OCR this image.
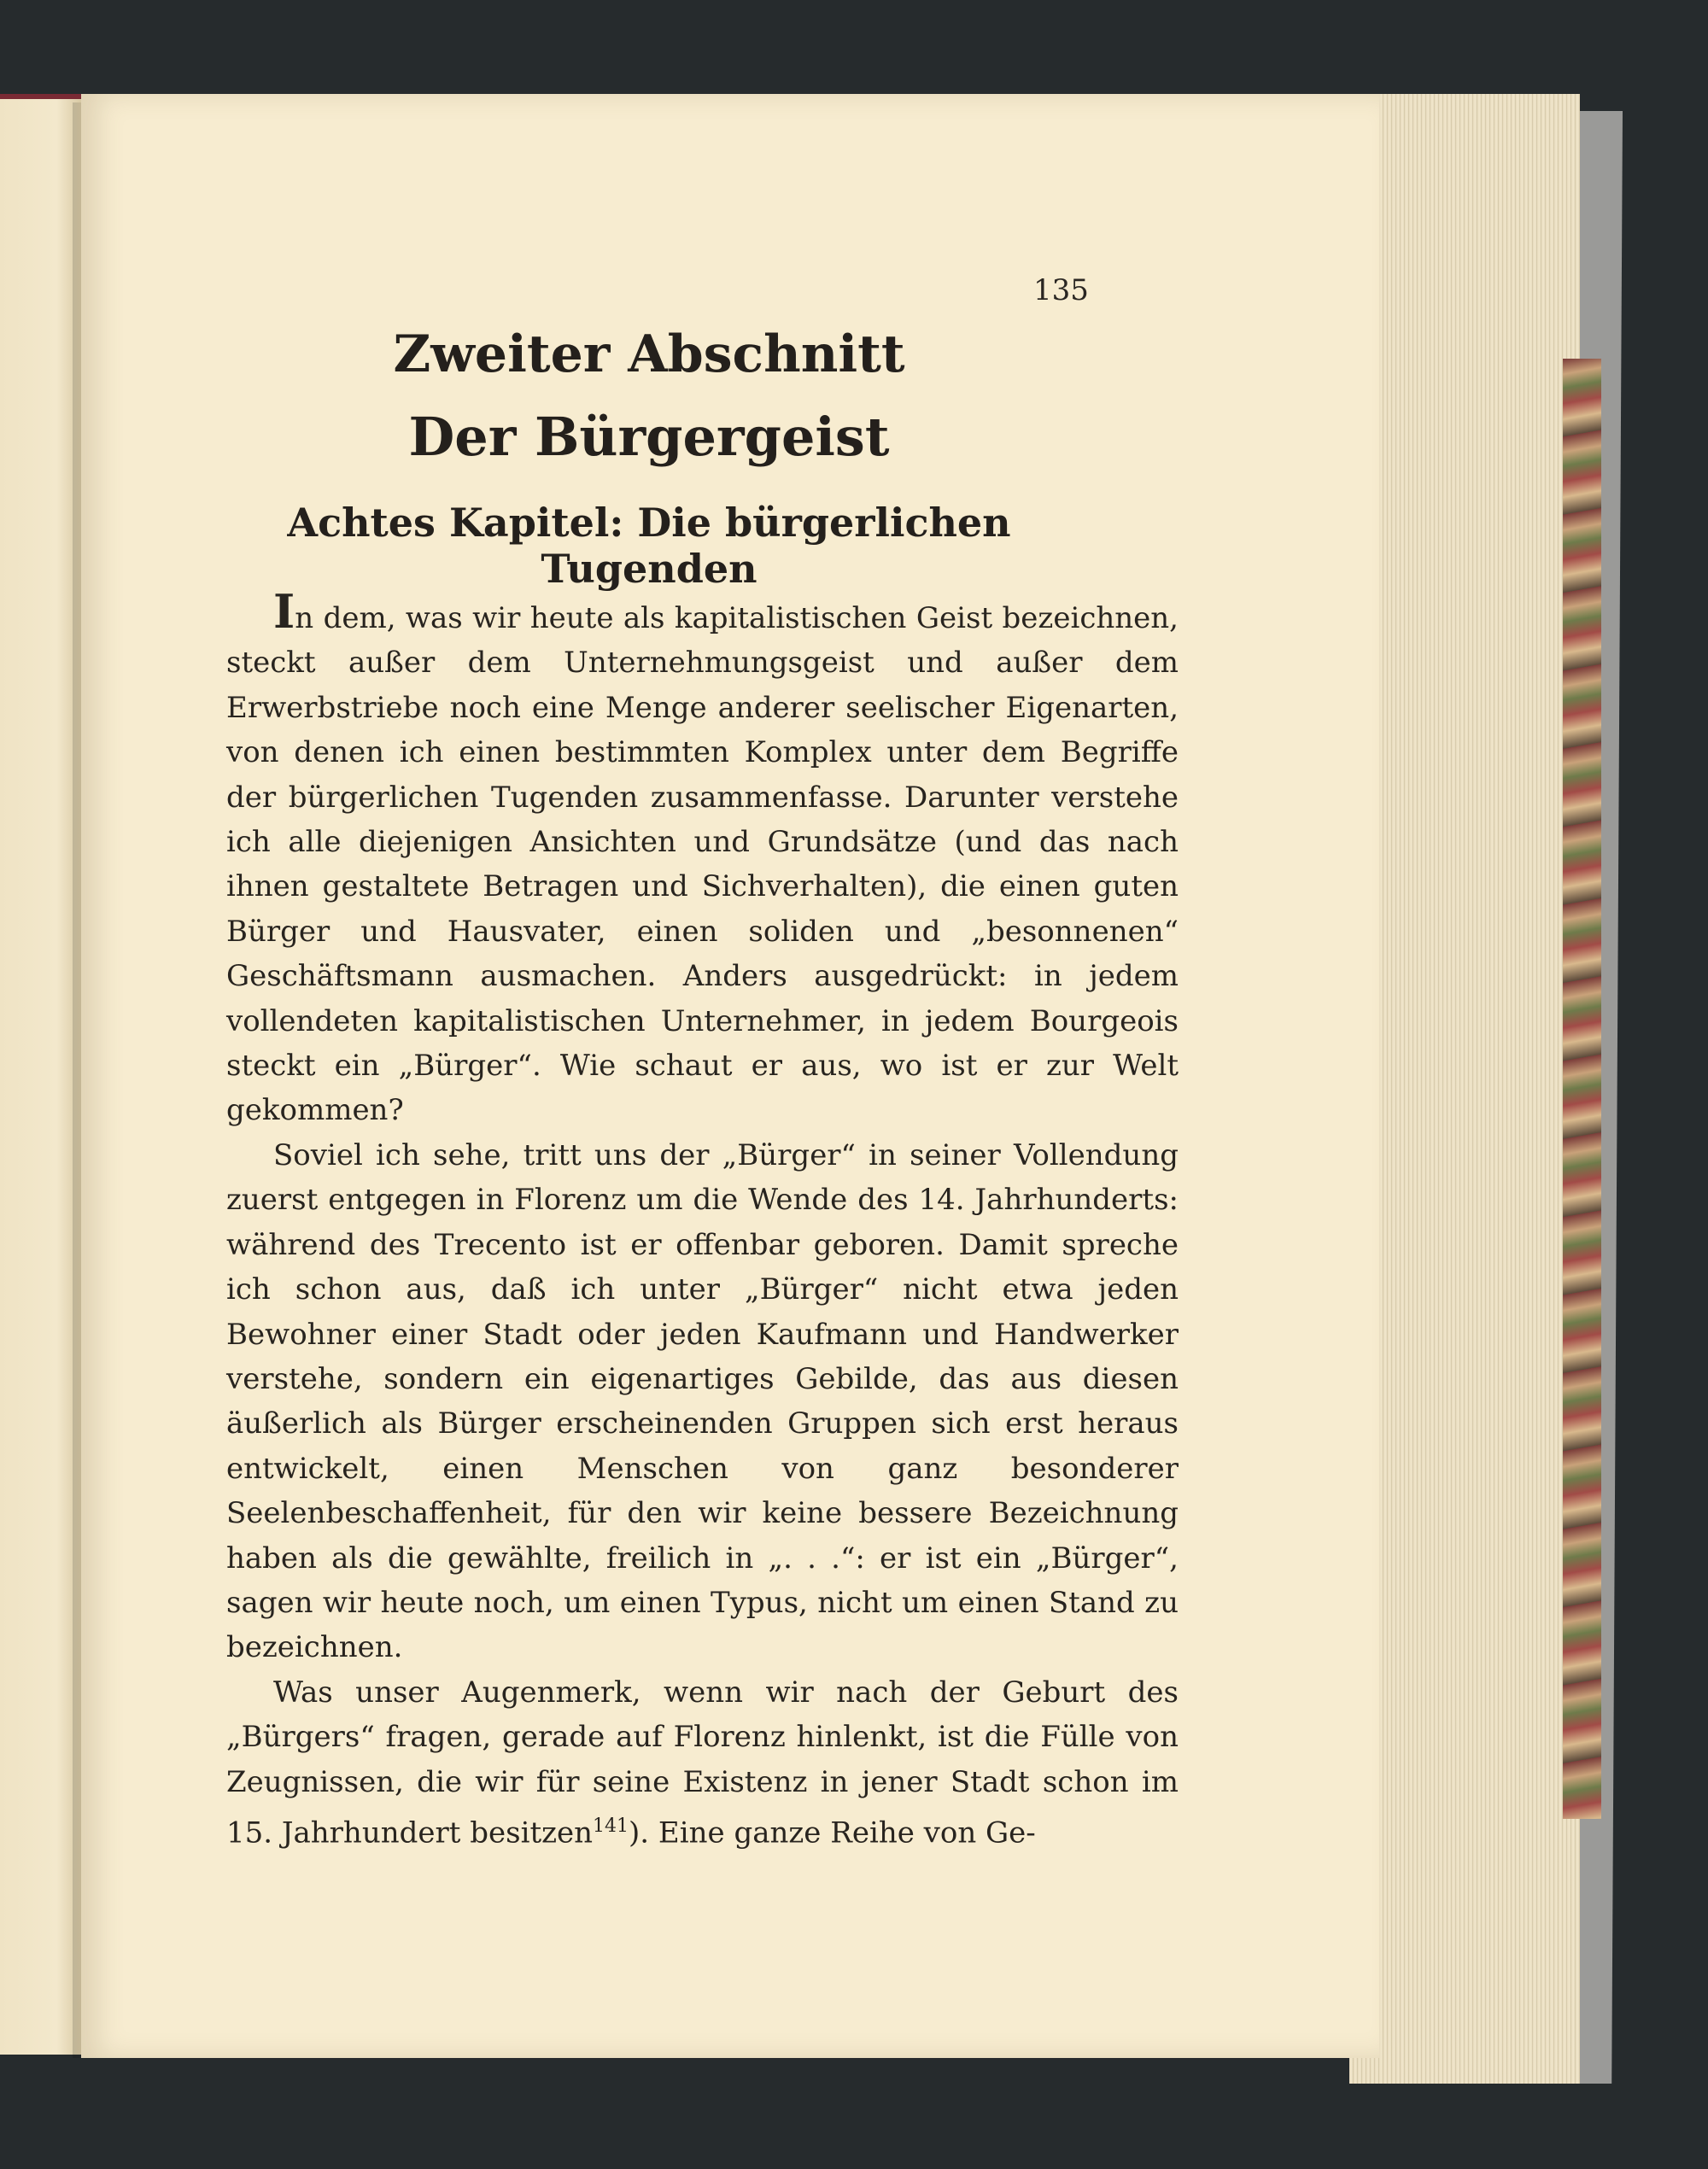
135
Zweiter Abschnitt
Der Bürgergeist
Achtes Kapitel: Die bürgerlichen Tugenden

In dem, was wir heute als kapitalistischen Geist bezeichnen, steckt außer dem Unternehmungsgeist und außer dem Erwerbstriebe noch eine Menge anderer seelischer Eigenarten, von denen ich einen bestimmten Komplex unter dem Begriffe der bürgerlichen Tugenden zusammenfasse. Darunter verstehe ich alle diejenigen Ansichten und Grundsätze (und das nach ihnen gestaltete Betragen und Sichverhalten), die einen guten Bürger und Hausvater, einen soliden und „besonnenen“ Geschäftsmann ausmachen. Anders ausgedrückt: in jedem vollendeten kapitalistischen Unternehmer, in jedem Bourgeois steckt ein „Bürger“. Wie schaut er aus, wo ist er zur Welt gekommen?

Soviel ich sehe, tritt uns der „Bürger“ in seiner Vollendung zuerst entgegen in Florenz um die Wende des 14. Jahrhunderts: während des Trecento ist er offenbar geboren. Damit spreche ich schon aus, daß ich unter „Bürger“ nicht etwa jeden Bewohner einer Stadt oder jeden Kaufmann und Handwerker verstehe, sondern ein eigenartiges Gebilde, das aus diesen äußerlich als Bürger erscheinenden Gruppen sich erst heraus entwickelt, einen Menschen von ganz besonderer Seelenbeschaffenheit, für den wir keine bessere Bezeichnung haben als die gewählte, freilich in „. . .“: er ist ein „Bürger“, sagen wir heute noch, um einen Typus, nicht um einen Stand zu bezeichnen.

Was unser Augenmerk, wenn wir nach der Geburt des „Bürgers“ fragen, gerade auf Florenz hinlenkt, ist die Fülle von Zeugnissen, die wir für seine Existenz in jener Stadt schon im 15. Jahrhundert besitzen$^{141}$). Eine ganze Reihe von Ge-
